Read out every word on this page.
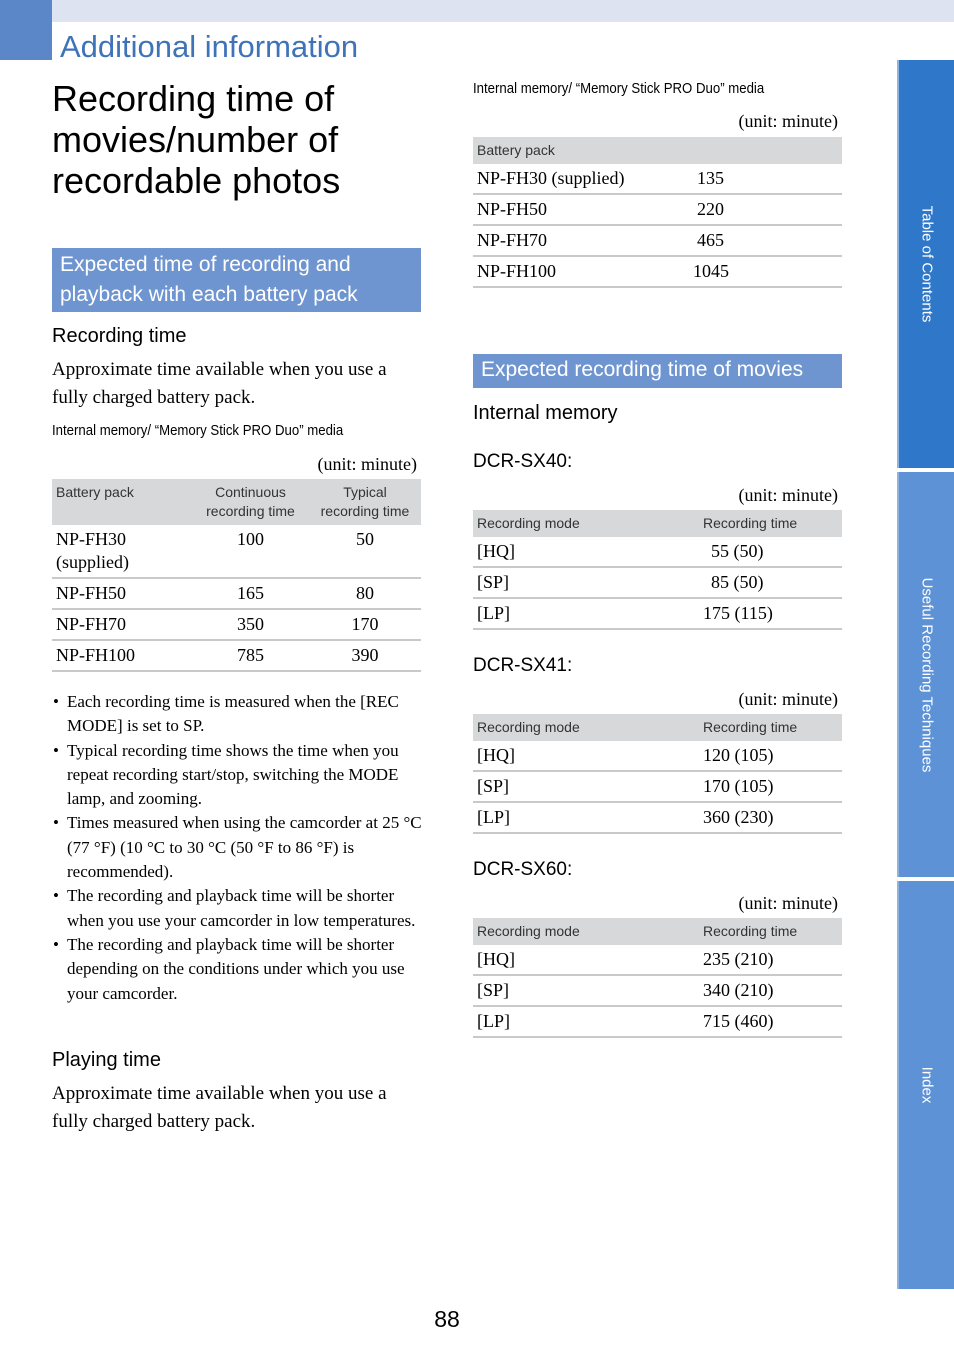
Additional information
Recording time of movies/number of recordable photos
Expected time of recording and playback with each battery pack
Recording time
Approximate time available when you use a fully charged battery pack.
Internal memory/ “Memory Stick PRO Duo” media
(unit: minute)
Battery pack	Continuous recording time	Typical recording time
NP-FH30 (supplied)	100	50
NP-FH50	165	80
NP-FH70	350	170
NP-FH100	785	390
• Each recording time is measured when the [REC MODE] is set to SP.
• Typical recording time shows the time when you repeat recording start/stop, switching the MODE lamp, and zooming.
• Times measured when using the camcorder at 25 °C (77 °F) (10 °C to 30 °C (50 °F to 86 °F) is recommended).
• The recording and playback time will be shorter when you use your camcorder in low temperatures.
• The recording and playback time will be shorter depending on the conditions under which you use your camcorder.
Playing time
Approximate time available when you use a fully charged battery pack.
Internal memory/ “Memory Stick PRO Duo” media
(unit: minute)
Battery pack	
NP-FH30 (supplied)	135
NP-FH50	220
NP-FH70	465
NP-FH100	1045
Expected recording time of movies
Internal memory
DCR-SX40:
(unit: minute)
Recording mode	Recording time
[HQ]	55 (50)
[SP]	85 (50)
[LP]	175 (115)
DCR-SX41:
(unit: minute)
Recording mode	Recording time
[HQ]	120 (105)
[SP]	170 (105)
[LP]	360 (230)
DCR-SX60:
(unit: minute)
Recording mode	Recording time
[HQ]	235 (210)
[SP]	340 (210)
[LP]	715 (460)
Table of Contents
Useful Recording Techniques
Index
88
